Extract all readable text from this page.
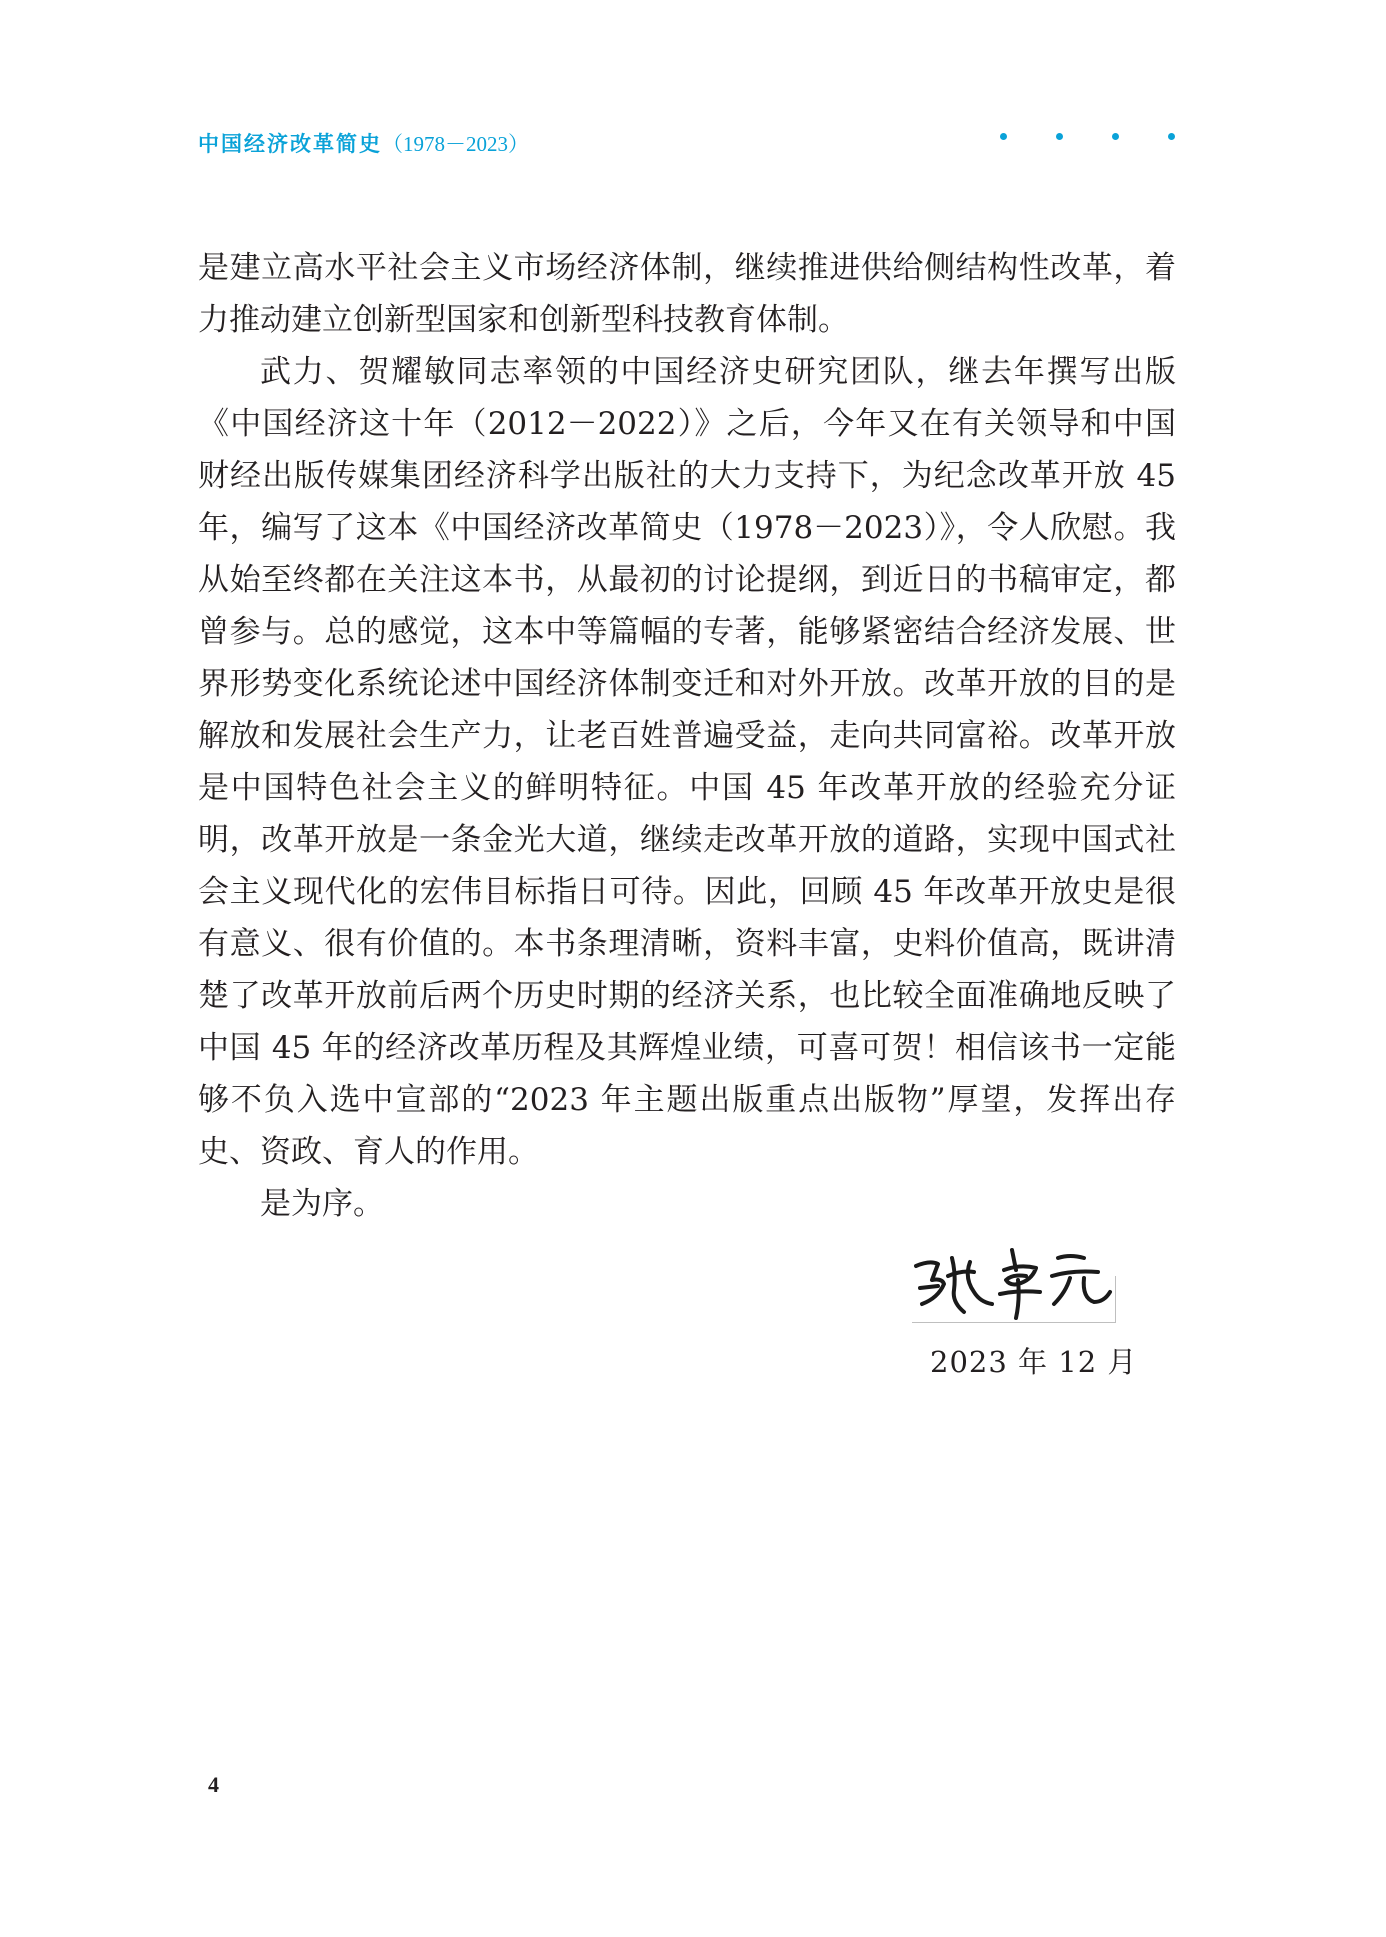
中国经济改革简史（1978－2023）

是建立高水平社会主义市场经济体制，继续推进供给侧结构性改革，着力推动建立创新型国家和创新型科技教育体制。

武力、贺耀敏同志率领的中国经济史研究团队，继去年撰写出版《中国经济这十年（2012－2022）》之后，今年又在有关领导和中国财经出版传媒集团经济科学出版社的大力支持下，为纪念改革开放 45 年，编写了这本《中国经济改革简史（1978－2023）》，令人欣慰。我从始至终都在关注这本书，从最初的讨论提纲，到近日的书稿审定，都曾参与。总的感觉，这本中等篇幅的专著，能够紧密结合经济发展、世界形势变化系统论述中国经济体制变迁和对外开放。改革开放的目的是解放和发展社会生产力，让老百姓普遍受益，走向共同富裕。改革开放是中国特色社会主义的鲜明特征。中国 45 年改革开放的经验充分证明，改革开放是一条金光大道，继续走改革开放的道路，实现中国式社会主义现代化的宏伟目标指日可待。因此，回顾 45 年改革开放史是很有意义、很有价值的。本书条理清晰，资料丰富，史料价值高，既讲清楚了改革开放前后两个历史时期的经济关系，也比较全面准确地反映了中国 45 年的经济改革历程及其辉煌业绩，可喜可贺！相信该书一定能够不负入选中宣部的“2023 年主题出版重点出版物”厚望，发挥出存史、资政、育人的作用。

是为序。

2023 年 12 月
4
